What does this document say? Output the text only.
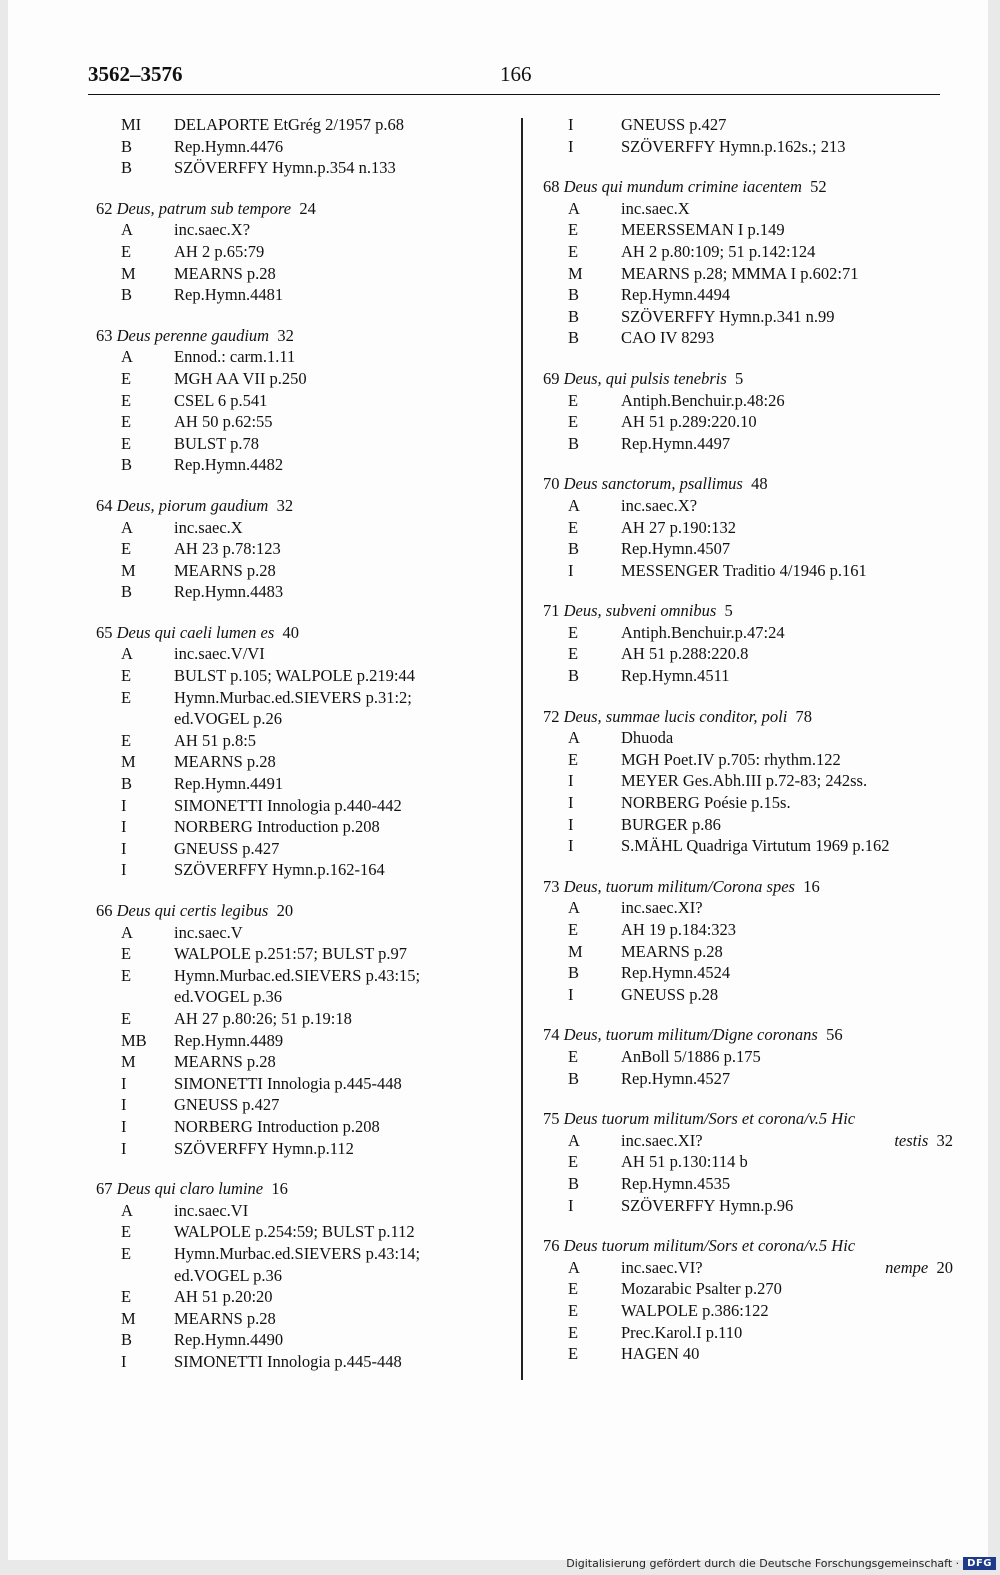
3562–3576	166
MI	DELAPORTE EtGrég 2/1957 p.68
B	Rep.Hymn.4476
B	SZÖVERFFY Hymn.p.354 n.133
62 Deus, patrum sub tempore  24
A	inc.saec.X?
E	AH 2 p.65:79
M	MEARNS p.28
B	Rep.Hymn.4481
63 Deus perenne gaudium  32
A	Ennod.: carm.1.11
E	MGH AA VII p.250
E	CSEL 6 p.541
E	AH 50 p.62:55
E	BULST p.78
B	Rep.Hymn.4482
64 Deus, piorum gaudium  32
A	inc.saec.X
E	AH 23 p.78:123
M	MEARNS p.28
B	Rep.Hymn.4483
65 Deus qui caeli lumen es  40
A	inc.saec.V/VI
E	BULST p.105; WALPOLE p.219:44
E	Hymn.Murbac.ed.SIEVERS p.31:2;
ed.VOGEL p.26
E	AH 51 p.8:5
M	MEARNS p.28
B	Rep.Hymn.4491
I	SIMONETTI Innologia p.440-442
I	NORBERG Introduction p.208
I	GNEUSS p.427
I	SZÖVERFFY Hymn.p.162-164
66 Deus qui certis legibus  20
A	inc.saec.V
E	WALPOLE p.251:57; BULST p.97
E	Hymn.Murbac.ed.SIEVERS p.43:15;
ed.VOGEL p.36
E	AH 27 p.80:26; 51 p.19:18
MB	Rep.Hymn.4489
M	MEARNS p.28
I	SIMONETTI Innologia p.445-448
I	GNEUSS p.427
I	NORBERG Introduction p.208
I	SZÖVERFFY Hymn.p.112
67 Deus qui claro lumine  16
A	inc.saec.VI
E	WALPOLE p.254:59; BULST p.112
E	Hymn.Murbac.ed.SIEVERS p.43:14;
ed.VOGEL p.36
E	AH 51 p.20:20
M	MEARNS p.28
B	Rep.Hymn.4490
I	SIMONETTI Innologia p.445-448
I	GNEUSS p.427
I	SZÖVERFFY Hymn.p.162s.; 213
68 Deus qui mundum crimine iacentem  52
A	inc.saec.X
E	MEERSSEMAN I p.149
E	AH 2 p.80:109; 51 p.142:124
M	MEARNS p.28; MMMA I p.602:71
B	Rep.Hymn.4494
B	SZÖVERFFY Hymn.p.341 n.99
B	CAO IV 8293
69 Deus, qui pulsis tenebris  5
E	Antiph.Benchuir.p.48:26
E	AH 51 p.289:220.10
B	Rep.Hymn.4497
70 Deus sanctorum, psallimus  48
A	inc.saec.X?
E	AH 27 p.190:132
B	Rep.Hymn.4507
I	MESSENGER Traditio 4/1946 p.161
71 Deus, subveni omnibus  5
E	Antiph.Benchuir.p.47:24
E	AH 51 p.288:220.8
B	Rep.Hymn.4511
72 Deus, summae lucis conditor, poli  78
A	Dhuoda
E	MGH Poet.IV p.705: rhythm.122
I	MEYER Ges.Abh.III p.72-83; 242ss.
I	NORBERG Poésie p.15s.
I	BURGER p.86
I	S.MÄHL Quadriga Virtutum 1969 p.162
73 Deus, tuorum militum/Corona spes  16
A	inc.saec.XI?
E	AH 19 p.184:323
M	MEARNS p.28
B	Rep.Hymn.4524
I	GNEUSS p.28
74 Deus, tuorum militum/Digne coronans  56
E	AnBoll 5/1886 p.175
B	Rep.Hymn.4527
75 Deus tuorum militum/Sors et corona/v.5 Hic
A	inc.saec.XI?	testis  32
E	AH 51 p.130:114 b
B	Rep.Hymn.4535
I	SZÖVERFFY Hymn.p.96
76 Deus tuorum militum/Sors et corona/v.5 Hic
A	inc.saec.VI?	nempe  20
E	Mozarabic Psalter p.270
E	WALPOLE p.386:122
E	Prec.Karol.I p.110
E	HAGEN 40
Digitalisierung gefördert durch die Deutsche Forschungsgemeinschaft · DFG
